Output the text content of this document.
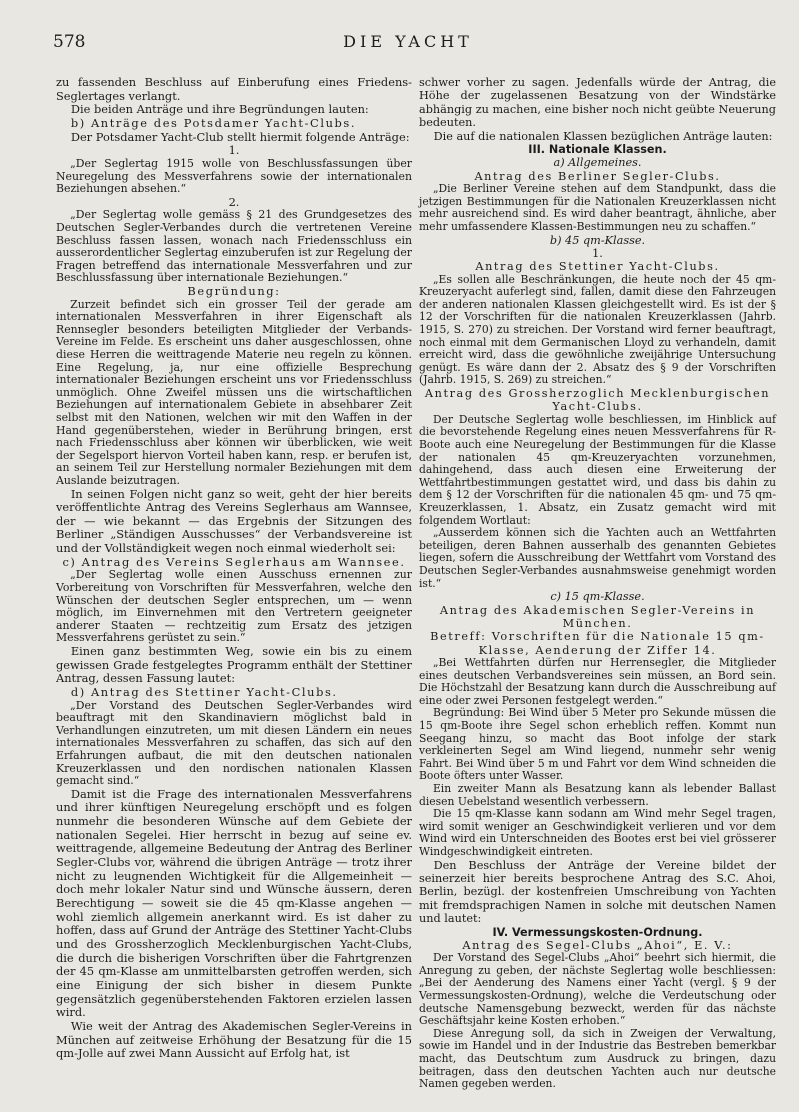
578	DIE YACHT

zu fassenden Beschluss auf Einberufung eines Friedens-Seglertages verlangt.

Die beiden Anträge und ihre Begründungen lauten:

b) Anträge des Potsdamer Yacht-Clubs.

Der Potsdamer Yacht-Club stellt hiermit folgende Anträge:

1.

„Der Seglertag 1915 wolle von Beschlussfassungen über Neuregelung des Messverfahrens sowie der internationalen Beziehungen absehen.“

2.

„Der Seglertag wolle gemäss § 21 des Grundgesetzes des Deutschen Segler-Verbandes durch die vertretenen Vereine Beschluss fassen lassen, wonach nach Friedensschluss ein ausserordentlicher Seglertag einzuberufen ist zur Regelung der Fragen betreffend das internationale Messverfahren und zur Beschlussfassung über internationale Beziehungen.“

Begründung:

Zurzeit befindet sich ein grosser Teil der gerade am internationalen Messverfahren in ihrer Eigenschaft als Rennsegler besonders beteiligten Mitglieder der Verbands-Vereine im Felde. Es erscheint uns daher ausgeschlossen, ohne diese Herren die weittragende Materie neu regeln zu können. Eine Regelung, ja, nur eine offizielle Besprechung internationaler Beziehungen erscheint uns vor Friedensschluss unmöglich. Ohne Zweifel müssen uns die wirtschaftlichen Beziehungen auf internationalem Gebiete in absehbarer Zeit selbst mit den Nationen, welchen wir mit den Waffen in der Hand gegenüberstehen, wieder in Berührung bringen, erst nach Friedensschluss aber können wir überblicken, wie weit der Segelsport hiervon Vorteil haben kann, resp. er berufen ist, an seinem Teil zur Herstellung normaler Beziehungen mit dem Auslande beizutragen.

In seinen Folgen nicht ganz so weit, geht der hier bereits veröffentlichte Antrag des Vereins Seglerhaus am Wannsee, der — wie bekannt — das Ergebnis der Sitzungen des Berliner „Ständigen Ausschusses“ der Verbandsvereine ist und der Vollständigkeit wegen noch einmal wiederholt sei:

c) Antrag des Vereins Seglerhaus am Wannsee.

„Der Seglertag wolle einen Ausschuss ernennen zur Vorbereitung von Vorschriften für Messverfahren, welche den Wünschen der deutschen Segler entsprechen, um — wenn möglich, im Einvernehmen mit den Vertretern geeigneter anderer Staaten — rechtzeitig zum Ersatz des jetzigen Messverfahrens gerüstet zu sein.“

Einen ganz bestimmten Weg, sowie ein bis zu einem gewissen Grade festgelegtes Programm enthält der Stettiner Antrag, dessen Fassung lautet:

d) Antrag des Stettiner Yacht-Clubs.

„Der Vorstand des Deutschen Segler-Verbandes wird beauftragt mit den Skandinaviern möglichst bald in Verhandlungen einzutreten, um mit diesen Ländern ein neues internationales Messverfahren zu schaffen, das sich auf den Erfahrungen aufbaut, die mit den deutschen nationalen Kreuzerklassen und den nordischen nationalen Klassen gemacht sind.“

Damit ist die Frage des internationalen Messverfahrens und ihrer künftigen Neuregelung erschöpft und es folgen nunmehr die besonderen Wünsche auf dem Gebiete der nationalen Segelei. Hier herrscht in bezug auf seine ev. weittragende, allgemeine Bedeutung der Antrag des Berliner Segler-Clubs vor, während die übrigen Anträge — trotz ihrer nicht zu leugnenden Wichtigkeit für die Allgemeinheit — doch mehr lokaler Natur sind und Wünsche äussern, deren Berechtigung — soweit sie die 45 qm-Klasse angehen — wohl ziemlich allgemein anerkannt wird. Es ist daher zu hoffen, dass auf Grund der Anträge des Stettiner Yacht-Clubs und des Grossherzoglich Mecklenburgischen Yacht-Clubs, die durch die bisherigen Vorschriften über die Fahrtgrenzen der 45 qm-Klasse am unmittelbarsten getroffen werden, sich eine Einigung der sich bisher in diesem Punkte gegensätzlich gegenüberstehenden Faktoren erzielen lassen wird.

Wie weit der Antrag des Akademischen Segler-Vereins in München auf zeitweise Erhöhung der Besatzung für die 15 qm-Jolle auf zwei Mann Aussicht auf Erfolg hat, ist

schwer vorher zu sagen. Jedenfalls würde der Antrag, die Höhe der zugelassenen Besatzung von der Windstärke abhängig zu machen, eine bisher noch nicht geübte Neuerung bedeuten.

Die auf die nationalen Klassen bezüglichen Anträge lauten:

III. Nationale Klassen.

a) Allgemeines.

Antrag des Berliner Segler-Clubs.

„Die Berliner Vereine stehen auf dem Standpunkt, dass die jetzigen Bestimmungen für die Nationalen Kreuzerklassen nicht mehr ausreichend sind. Es wird daher beantragt, ähnliche, aber mehr umfassendere Klassen-Bestimmungen neu zu schaffen.“

b) 45 qm-Klasse.

1.

Antrag des Stettiner Yacht-Clubs.

„Es sollen alle Beschränkungen, die heute noch der 45 qm-Kreuzeryacht auferlegt sind, fallen, damit diese den Fahrzeugen der anderen nationalen Klassen gleichgestellt wird. Es ist der § 12 der Vorschriften für die nationalen Kreuzerklassen (Jahrb. 1915, S. 270) zu streichen. Der Vorstand wird ferner beauftragt, noch einmal mit dem Germanischen Lloyd zu verhandeln, damit erreicht wird, dass die gewöhnliche zweijährige Untersuchung genügt. Es wäre dann der 2. Absatz des § 9 der Vorschriften (Jahrb. 1915, S. 269) zu streichen.“

Antrag des Grossherzoglich Mecklenburgischen Yacht-Clubs.

Der Deutsche Seglertag wolle beschliessen, im Hinblick auf die bevorstehende Regelung eines neuen Messverfahrens für R-Boote auch eine Neuregelung der Bestimmungen für die Klasse der nationalen 45 qm-Kreuzeryachten vorzunehmen, dahingehend, dass auch diesen eine Erweiterung der Wettfahrtbestimmungen gestattet wird, und dass bis dahin zu dem § 12 der Vorschriften für die nationalen 45 qm- und 75 qm-Kreuzerklassen, 1. Absatz, ein Zusatz gemacht wird mit folgendem Wortlaut:

„Ausserdem können sich die Yachten auch an Wettfahrten beteiligen, deren Bahnen ausserhalb des genannten Gebietes liegen, sofern die Ausschreibung der Wettfahrt vom Vorstand des Deutschen Segler-Verbandes ausnahmsweise genehmigt worden ist.“

c) 15 qm-Klasse.

Antrag des Akademischen Segler-Vereins in München.

Betreff: Vorschriften für die Nationale 15 qm-Klasse, Aenderung der Ziffer 14.

„Bei Wettfahrten dürfen nur Herrensegler, die Mitglieder eines deutschen Verbandsvereines sein müssen, an Bord sein. Die Höchstzahl der Besatzung kann durch die Ausschreibung auf eine oder zwei Personen festgelegt werden.“

Begründung: Bei Wind über 5 Meter pro Sekunde müssen die 15 qm-Boote ihre Segel schon erheblich reffen. Kommt nun Seegang hinzu, so macht das Boot infolge der stark verkleinerten Segel am Wind liegend, nunmehr sehr wenig Fahrt. Bei Wind über 5 m und Fahrt vor dem Wind schneiden die Boote öfters unter Wasser.

Ein zweiter Mann als Besatzung kann als lebender Ballast diesen Uebelstand wesentlich verbessern.

Die 15 qm-Klasse kann sodann am Wind mehr Segel tragen, wird somit weniger an Geschwindigkeit verlieren und vor dem Wind wird ein Unterschneiden des Bootes erst bei viel grösserer Windgeschwindigkeit eintreten.

Den Beschluss der Anträge der Vereine bildet der seinerzeit hier bereits besprochene Antrag des S.C. Ahoi, Berlin, bezügl. der kostenfreien Umschreibung von Yachten mit fremdsprachigen Namen in solche mit deutschen Namen und lautet:

IV. Vermessungskosten-Ordnung.

Antrag des Segel-Clubs „Ahoi“, E. V.:

Der Vorstand des Segel-Clubs „Ahoi“ beehrt sich hiermit, die Anregung zu geben, der nächste Seglertag wolle beschliessen: „Bei der Aenderung des Namens einer Yacht (vergl. § 9 der Vermessungskosten-Ordnung), welche die Verdeutschung oder deutsche Namensgebung bezweckt, werden für das nächste Geschäftsjahr keine Kosten erhoben.“

Diese Anregung soll, da sich in Zweigen der Verwaltung, sowie im Handel und in der Industrie das Bestreben bemerkbar macht, das Deutschtum zum Ausdruck zu bringen, dazu beitragen, dass den deutschen Yachten auch nur deutsche Namen gegeben werden.
